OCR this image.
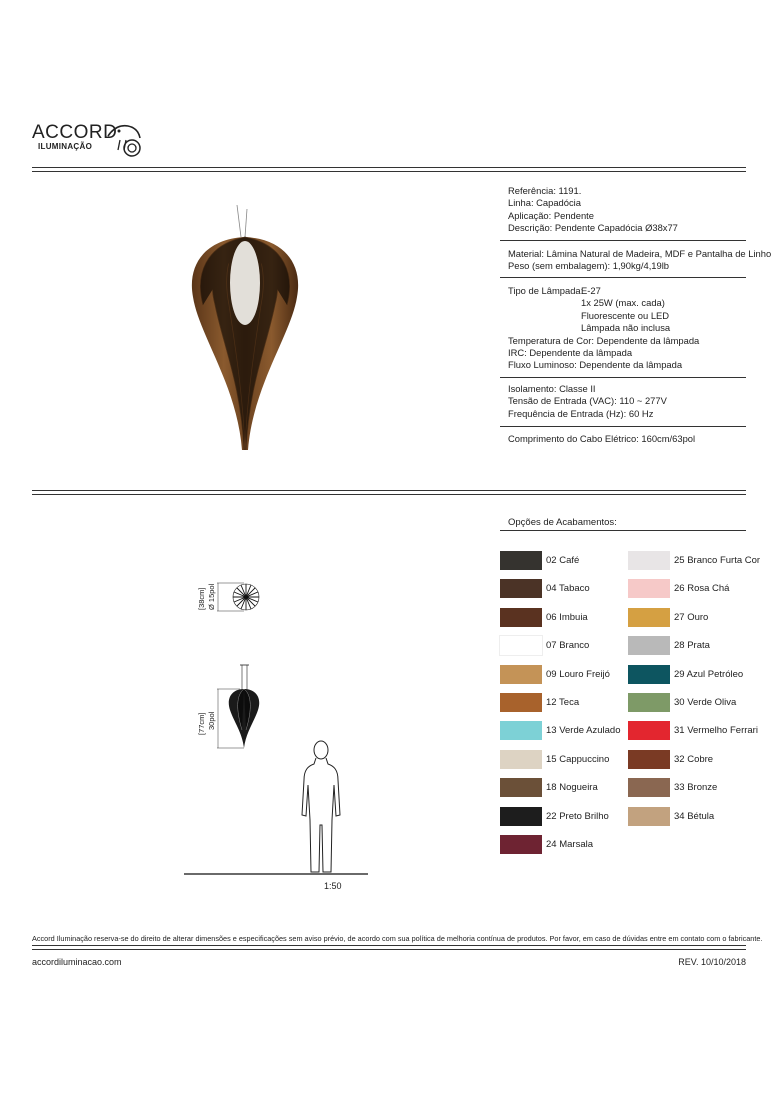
ACCORD
ILUMINAÇÃO
Referência: 1191.
Linha: Capadócia
Aplicação: Pendente
Descrição: Pendente Capadócia Ø38x77
Material: Lâmina Natural de Madeira, MDF e Pantalha de Linho
Peso (sem embalagem): 1,90kg/4,19lb
Tipo de Lâmpada:
E-27
1x 25W (max. cada)
Fluorescente ou LED
Lâmpada não inclusa
Temperatura de Cor: Dependente da lâmpada
IRC: Dependente da lâmpada
Fluxo Luminoso: Dependente da lâmpada
Isolamento: Classe II
Tensão de Entrada (VAC): 110 ~ 277V
Frequência de Entrada (Hz): 60 Hz
Comprimento do Cabo Elétrico: 160cm/63pol
[38cm] Ø 15pol
[77cm] 30pol
1:50
Opções de Acabamentos:
02 Café
04 Tabaco
06 Imbuia
07 Branco
09 Louro Freijó
12 Teca
13 Verde Azulado
15 Cappuccino
18 Nogueira
22 Preto Brilho
24 Marsala
25 Branco Furta Cor
26 Rosa Chá
27 Ouro
28 Prata
29 Azul Petróleo
30 Verde Oliva
31 Vermelho Ferrari
32 Cobre
33 Bronze
34 Bétula
Accord Iluminação reserva-se do direito de alterar dimensões e especificações sem aviso prévio, de acordo com sua política de melhoria contínua de produtos. Por favor, em caso de dúvidas entre em contato com o fabricante.
accordiluminacao.com	REV. 10/10/2018
